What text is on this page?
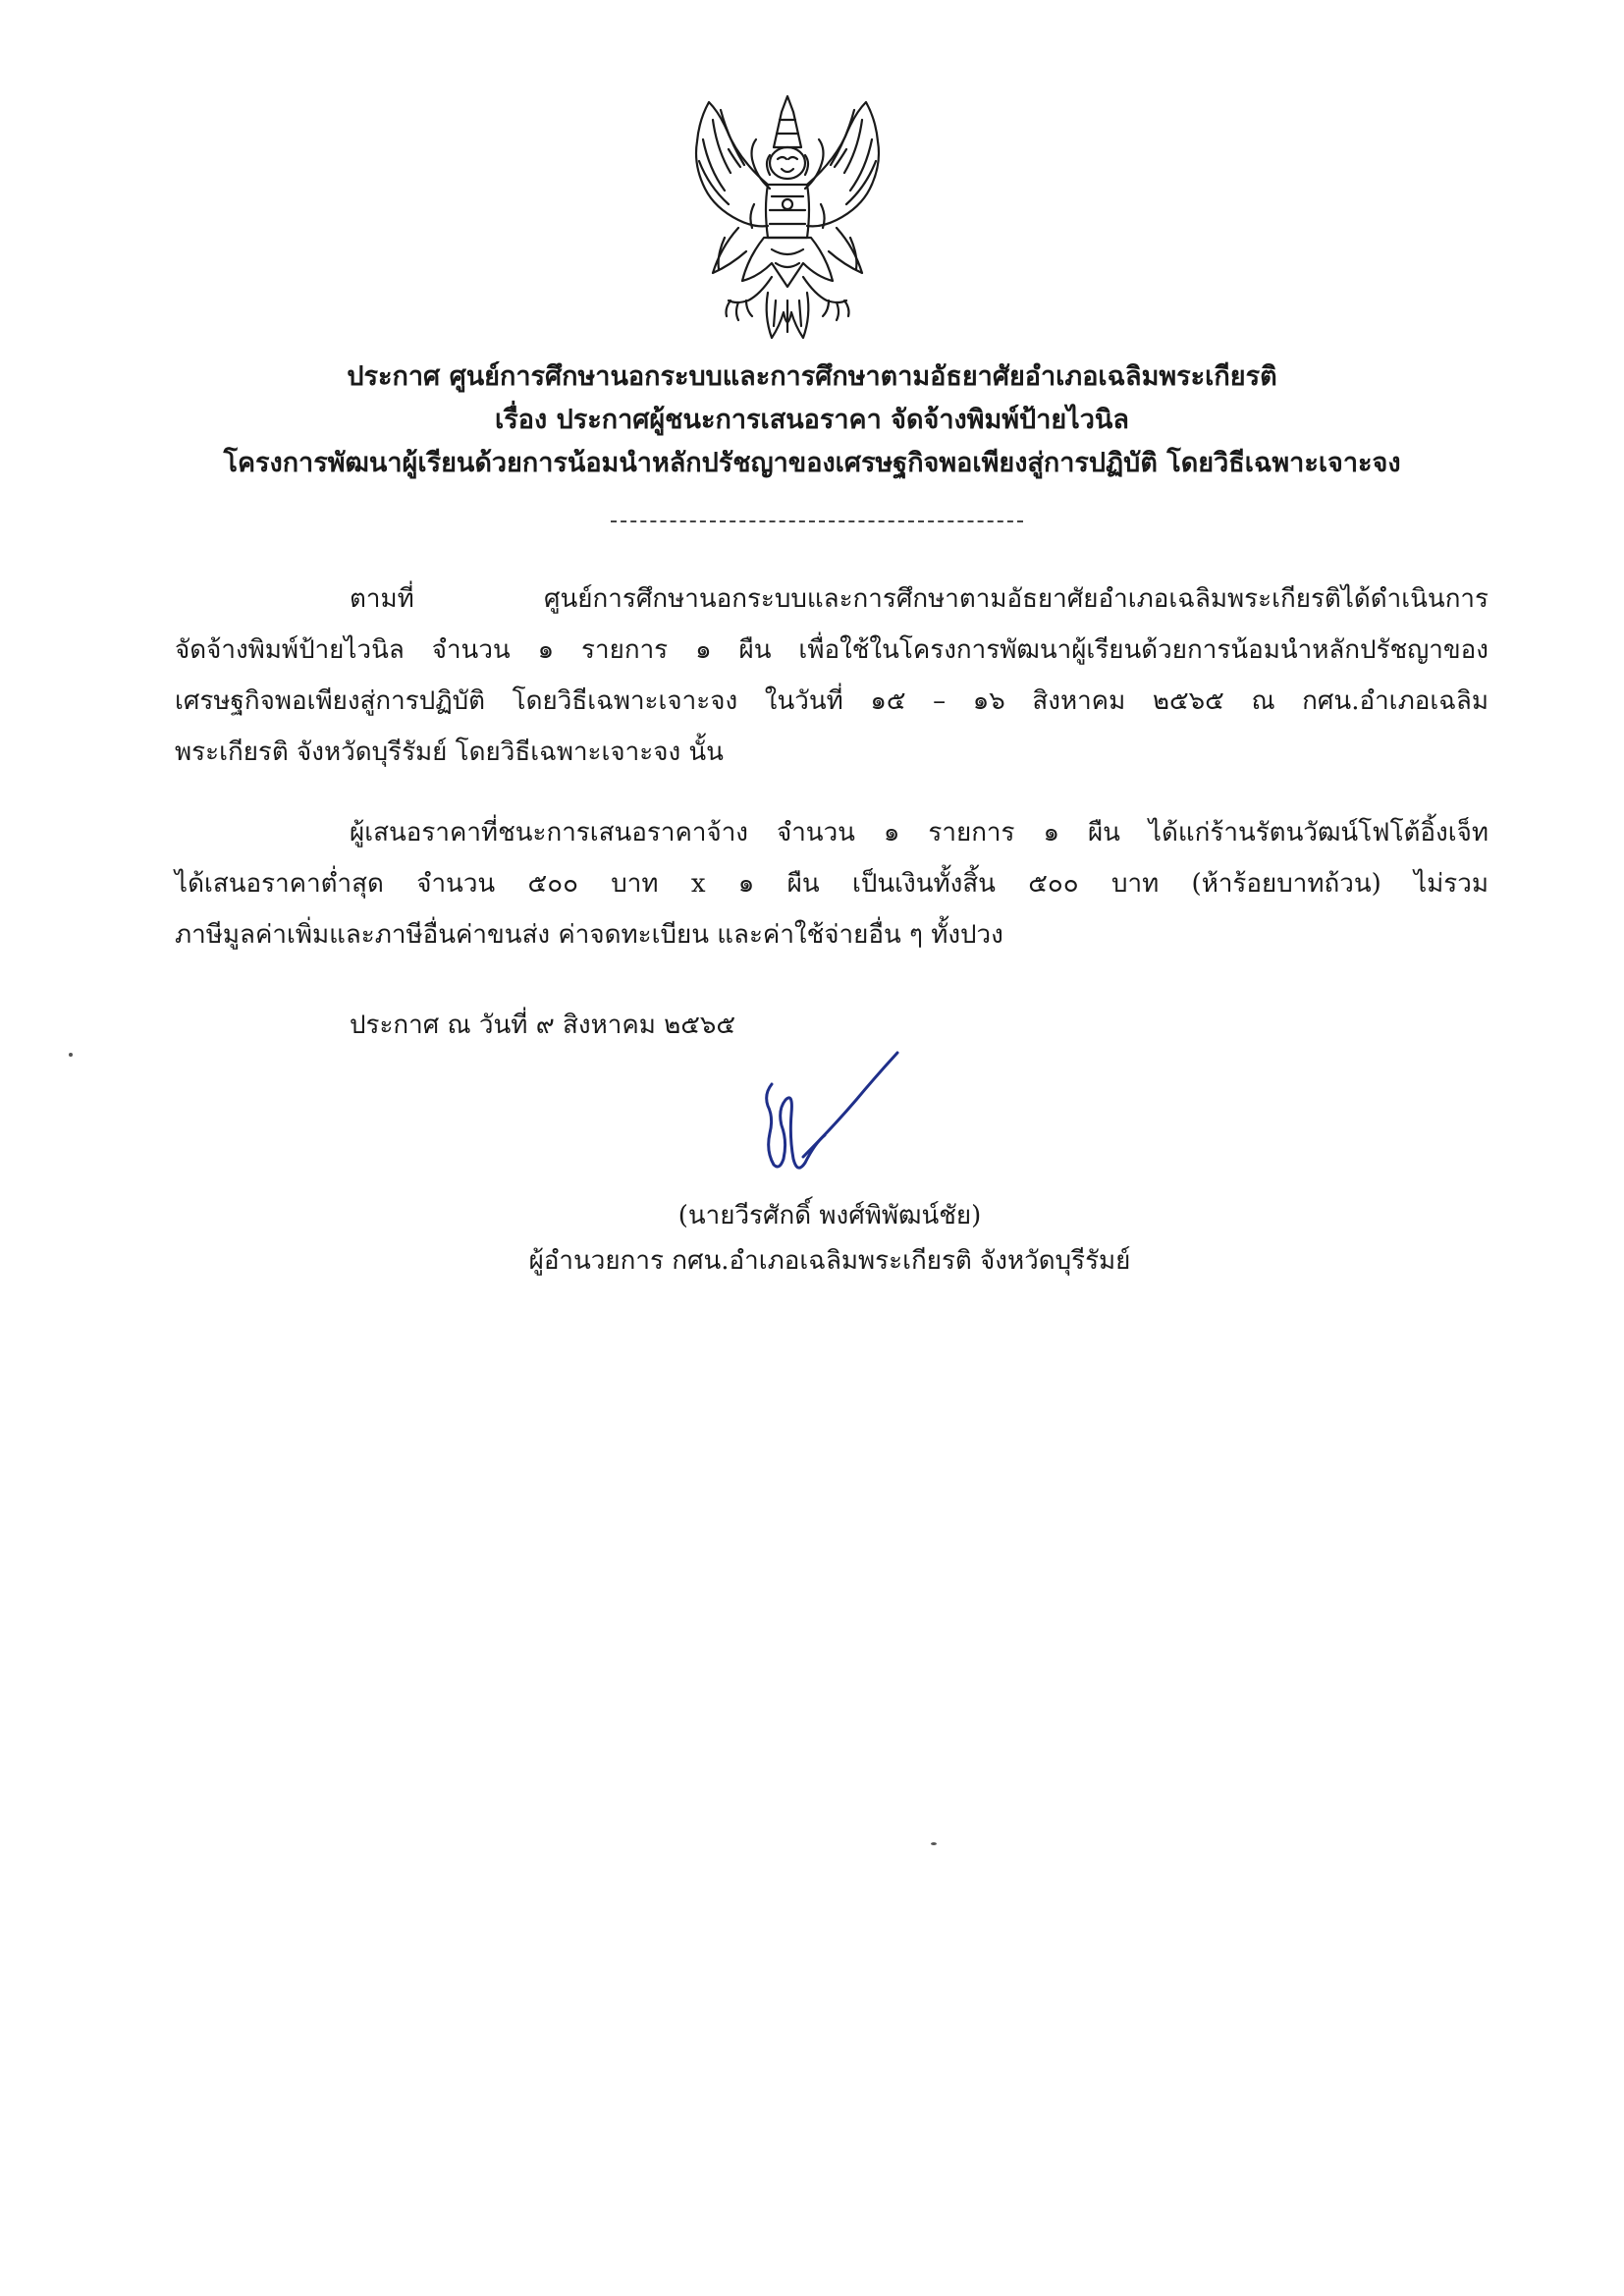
ประกาศ ศูนย์การศึกษานอกระบบและการศึกษาตามอัธยาศัยอำเภอเฉลิมพระเกียรติ
เรื่อง ประกาศผู้ชนะการเสนอราคา จัดจ้างพิมพ์ป้ายไวนิล
โครงการพัฒนาผู้เรียนด้วยการน้อมนำหลักปรัชญาของเศรษฐกิจพอเพียงสู่การปฏิบัติ โดยวิธีเฉพาะเจาะจง
ตามที่ ศูนย์การศึกษานอกระบบและการศึกษาตามอัธยาศัยอำเภอเฉลิมพระเกียรติได้ดำเนินการ
จัดจ้างพิมพ์ป้ายไวนิล จำนวน ๑ รายการ ๑ ผืน เพื่อใช้ในโครงการพัฒนาผู้เรียนด้วยการน้อมนำหลักปรัชญาของ
เศรษฐกิจพอเพียงสู่การปฏิบัติ โดยวิธีเฉพาะเจาะจง ในวันที่ ๑๕ – ๑๖ สิงหาคม ๒๕๖๕ ณ กศน.อำเภอเฉลิม
พระเกียรติ จังหวัดบุรีรัมย์ โดยวิธีเฉพาะเจาะจง นั้น
ผู้เสนอราคาที่ชนะการเสนอราคาจ้าง จำนวน ๑ รายการ ๑ ผืน ได้แก่ร้านรัตนวัฒน์โฟโต้อิ้งเจ็ท
ได้เสนอราคาต่ำสุด จำนวน ๕๐๐ บาท x ๑ ผืน เป็นเงินทั้งสิ้น ๕๐๐ บาท (ห้าร้อยบาทถ้วน) ไม่รวม
ภาษีมูลค่าเพิ่มและภาษีอื่นค่าขนส่ง ค่าจดทะเบียน และค่าใช้จ่ายอื่น ๆ ทั้งปวง
ประกาศ ณ วันที่ ๙ สิงหาคม ๒๕๖๕
(นายวีรศักดิ์ พงศ์พิพัฒน์ชัย)
ผู้อำนวยการ กศน.อำเภอเฉลิมพระเกียรติ จังหวัดบุรีรัมย์
